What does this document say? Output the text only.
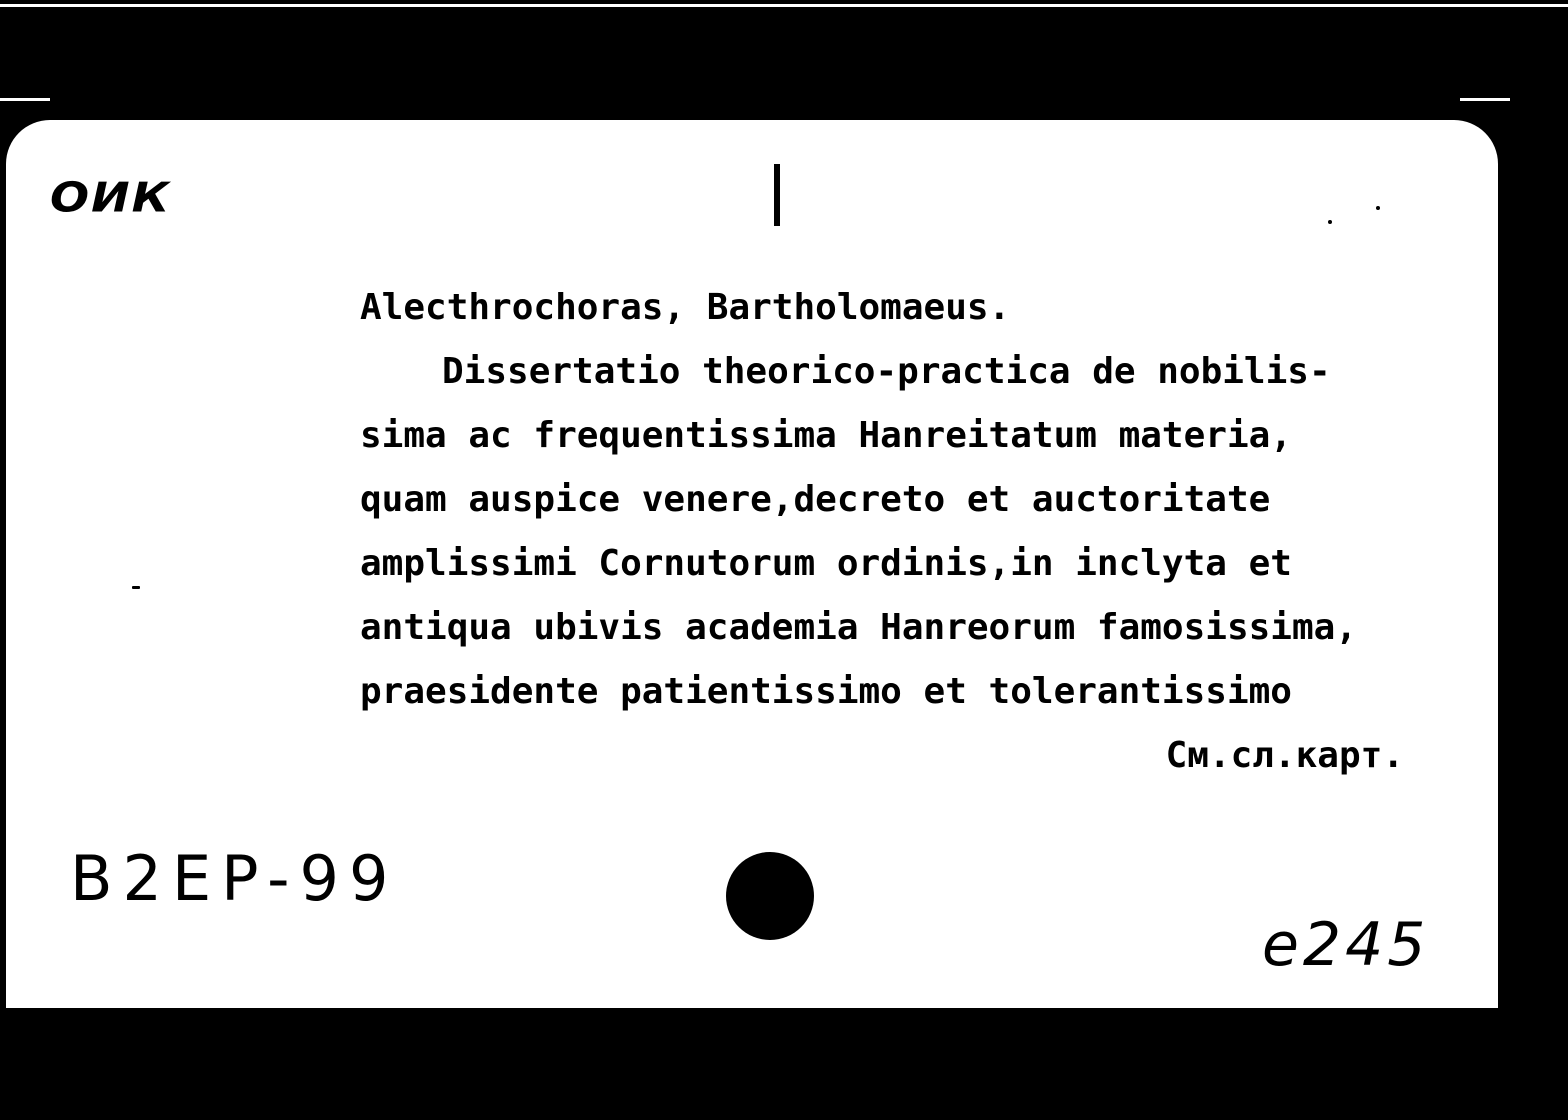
ОИК
Alecthrochoras, Bartholomaeus.
Dissertatio theorico-practica de nobilis-
sima ac frequentissima Hanreitatum materia,
quam auspice venere,decreto et auctoritate
amplissimi Cornutorum ordinis,in inclyta et
antiqua ubivis academia Hanreorum famosissima,
praesidente patientissimo et tolerantissimo
См.сл.карт.
B2EP-99
e245
